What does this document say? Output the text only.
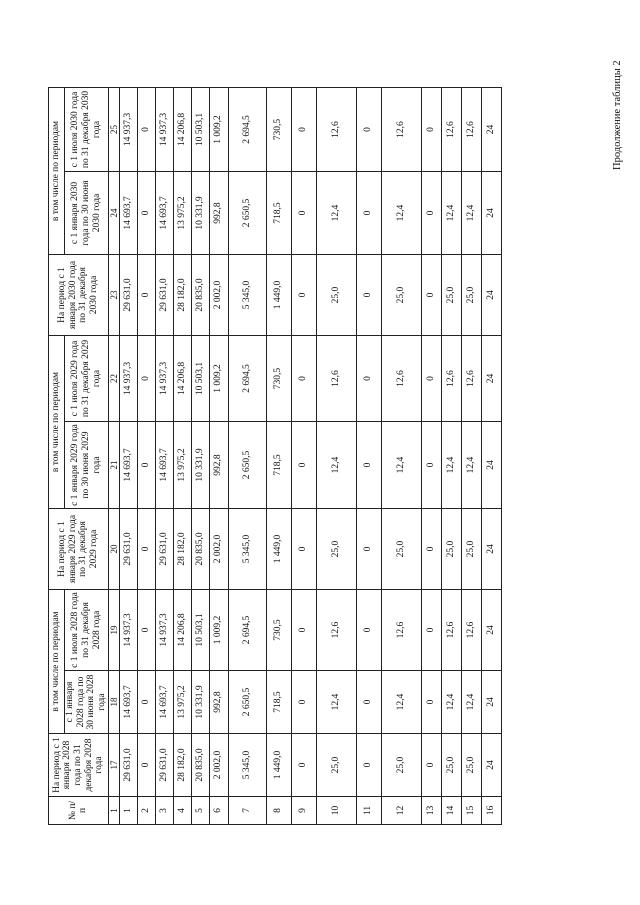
Продолжение таблицы 2
№ п/п	На период с 1 января 2028 года по 31 декабря 2028 года	в том числе по периодам		На период с 1 января 2029 года по 31 декабря 2029 года	в том числе по периодам		На период с 1 января 2030 года по 31 декабря 2030 года	в том числе по периодам	
		с 1 января 2028 года по 30 июня 2028 года	с 1 июля 2028 года по 31 декабря 2028 года		с 1 января 2029 года по 30 июня 2029 года	с 1 июля 2029 года по 31 декабря 2029 года		с 1 января 2030 года по 30 июня 2030 года	с 1 июля 2030 года по 31 декабря 2030 года
1	17	18	19	20	21	22	23	24	25
1	29 631,0	14 693,7	14 937,3	29 631,0	14 693,7	14 937,3	29 631,0	14 693,7	14 937,3
2	0	0	0	0	0	0	0	0	0
3	29 631,0	14 693,7	14 937,3	29 631,0	14 693,7	14 937,3	29 631,0	14 693,7	14 937,3
4	28 182,0	13 975,2	14 206,8	28 182,0	13 975,2	14 206,8	28 182,0	13 975,2	14 206,8
5	20 835,0	10 331,9	10 503,1	20 835,0	10 331,9	10 503,1	20 835,0	10 331,9	10 503,1
6	2 002,0	992,8	1 009,2	2 002,0	992,8	1 009,2	2 002,0	992,8	1 009,2
7	5 345,0	2 650,5	2 694,5	5 345,0	2 650,5	2 694,5	5 345,0	2 650,5	2 694,5
8	1 449,0	718,5	730,5	1 449,0	718,5	730,5	1 449,0	718,5	730,5
9	0	0	0	0	0	0	0	0	0
10	25,0	12,4	12,6	25,0	12,4	12,6	25,0	12,4	12,6
11	0	0	0	0	0	0	0	0	0
12	25,0	12,4	12,6	25,0	12,4	12,6	25,0	12,4	12,6
13	0	0	0	0	0	0	0	0	0
14	25,0	12,4	12,6	25,0	12,4	12,6	25,0	12,4	12,6
15	25,0	12,4	12,6	25,0	12,4	12,6	25,0	12,4	12,6
16	24	24	24	24	24	24	24	24	24
